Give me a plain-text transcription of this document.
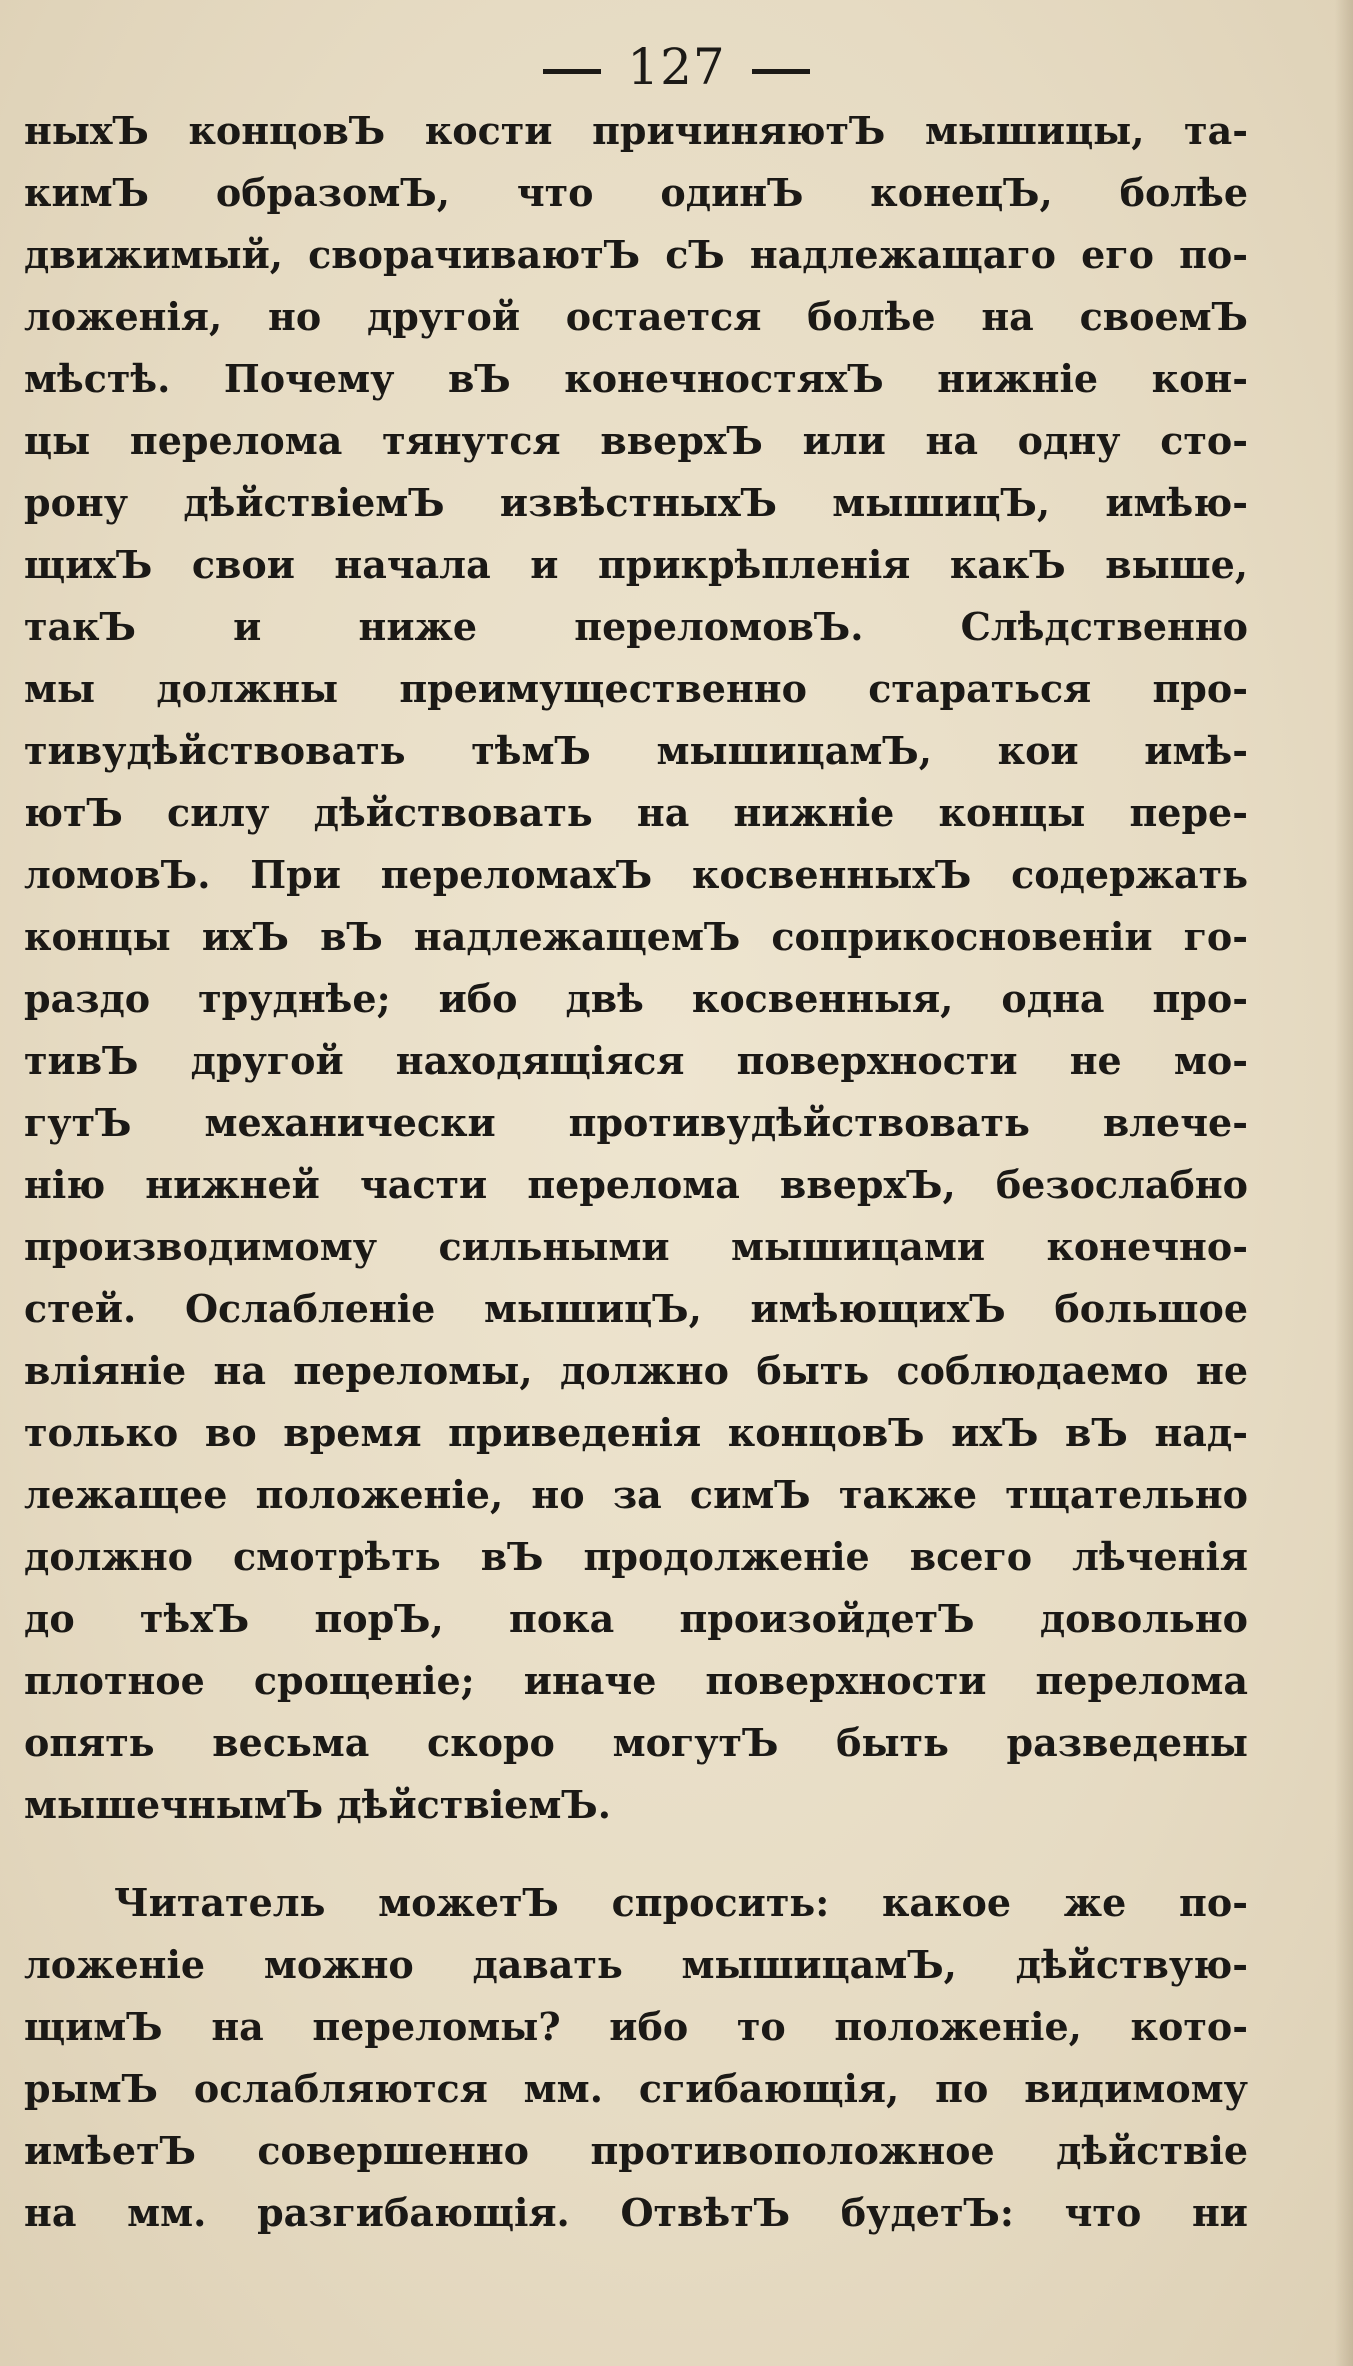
127
ныхЪ концовЪ кости причиняютЪ мышицы, та-
кимЪ образомЪ, что одинЪ конецЪ, болѣе
движимый, сворачиваютЪ сЪ надлежащаго его по-
ложенія, но другой остается болѣе на своемЪ
мѣстѣ. Почему вЪ конечностяхЪ нижніе кон-
цы перелома тянутся вверхЪ или на одну сто-
рону дѣйствіемЪ извѣстныхЪ мышицЪ, имѣю-
щихЪ свои начала и прикрѣпленія какЪ выше,
такЪ и ниже переломовЪ. Слѣдственно
мы должны преимущественно стараться про-
тивудѣйствовать тѣмЪ мышицамЪ, кои имѣ-
ютЪ силу дѣйствовать на нижніе концы пере-
ломовЪ. При переломахЪ косвенныхЪ содержать
концы ихЪ вЪ надлежащемЪ соприкосновеніи го-
раздо труднѣе; ибо двѣ косвенныя, одна про-
тивЪ другой находящіяся поверхности не мо-
гутЪ механически противудѣйствовать влече-
нію нижней части перелома вверхЪ, безослабно
производимому сильными мышицами конечно-
стей. Ослабленіе мышицЪ, имѣющихЪ большое
вліяніе на переломы, должно быть соблюдаемо не
только во время приведенія концовЪ ихЪ вЪ над-
лежащее положеніе, но за симЪ также тщательно
должно смотрѣть вЪ продолженіе всего лѣченія
до тѣхЪ порЪ, пока произойдетЪ довольно
плотное срощеніе; иначе поверхности перелома
опять весьма скоро могутЪ быть разведены
мышечнымЪ дѣйствіемЪ.
Читатель можетЪ спросить: какое же по-
ложеніе можно давать мышицамЪ, дѣйствую-
щимЪ на переломы? ибо то положеніе, кото-
рымЪ ослабляются мм. сгибающія, по видимому
имѣетЪ совершенно противоположное дѣйствіе
на мм. разгибающія. ОтвѣтЪ будетЪ: что ни
